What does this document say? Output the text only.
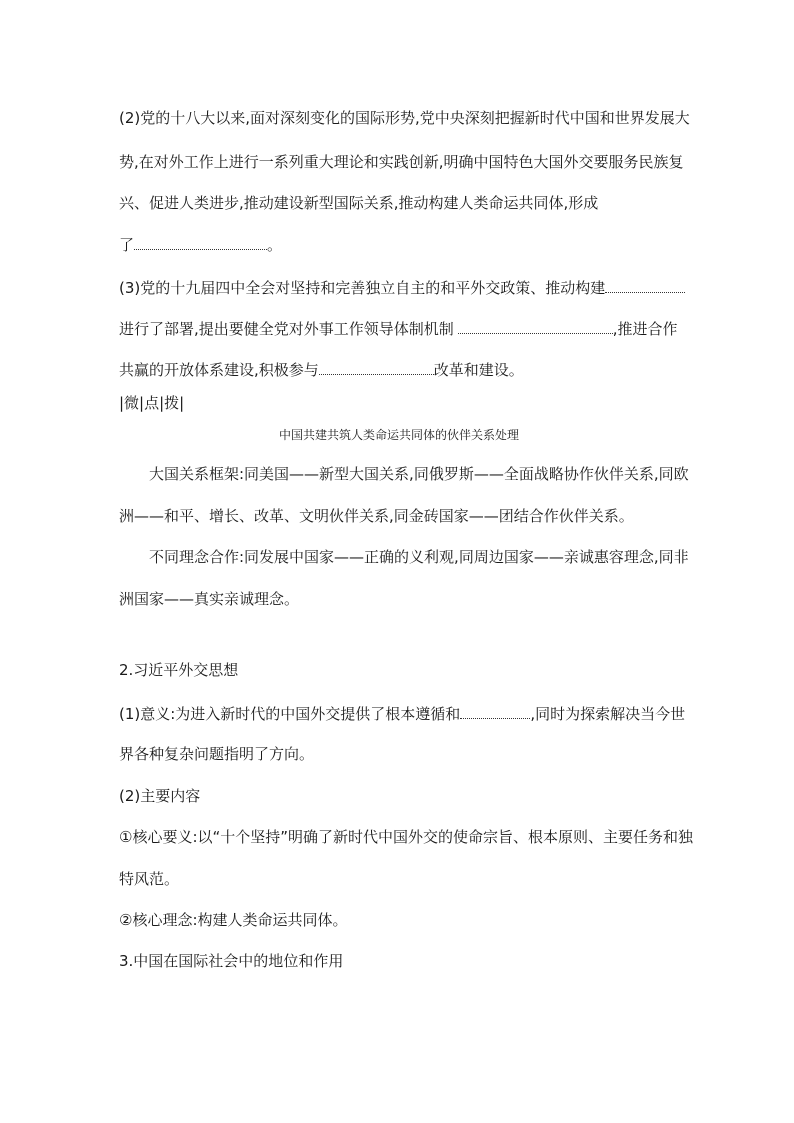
(2)党的十八大以来,面对深刻变化的国际形势,党中央深刻把握新时代中国和世界发展大
势,在对外工作上进行一系列重大理论和实践创新,明确中国特色大国外交要服务民族复
兴、促进人类进步,推动建设新型国际关系,推动构建人类命运共同体,形成
了	。
(3)党的十九届四中全会对坚持和完善独立自主的和平外交政策、推动构建
进行了部署,提出要健全党对外事工作领导体制机制	,推进合作
共赢的开放体系建设,积极参与	改革和建设。
|微|点|拨|
中国共建共筑人类命运共同体的伙伴关系处理
大国关系框架:同美国——新型大国关系,同俄罗斯——全面战略协作伙伴关系,同欧
洲——和平、增长、改革、文明伙伴关系,同金砖国家——团结合作伙伴关系。
不同理念合作:同发展中国家——正确的义利观,同周边国家——亲诚惠容理念,同非
洲国家——真实亲诚理念。
2.习近平外交思想
(1)意义:为进入新时代的中国外交提供了根本遵循和	,同时为探索解决当今世
界各种复杂问题指明了方向。
(2)主要内容
①核心要义:以“十个坚持”明确了新时代中国外交的使命宗旨、根本原则、主要任务和独
特风范。
②核心理念:构建人类命运共同体。
3.中国在国际社会中的地位和作用
